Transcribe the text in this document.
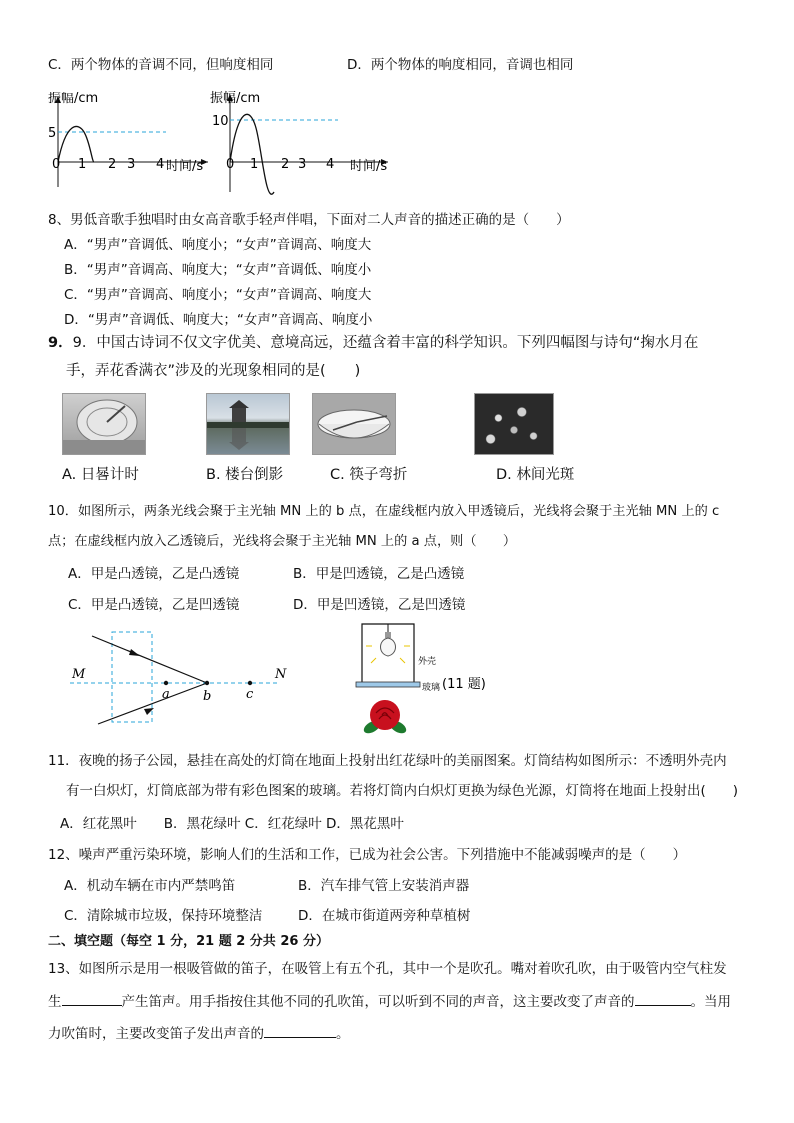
C．两个物体的音调不同，但响度相同	D．两个物体的响度相同，音调也相同
振幅/cm
5
时间/s
0 1 2 3 4
振幅/cm
10
时间/s
0 1 2 3 4
8、男低音歌手独唱时由女高音歌手轻声伴唱，下面对二人声音的描述正确的是（　　）
A．“男声”音调低、响度小；“女声”音调高、响度大
B．“男声”音调高、响度大；“女声”音调低、响度小
C．“男声”音调高、响度小；“女声”音调高、响度大
D．“男声”音调低、响度大；“女声”音调高、响度小
9．9．中国古诗词不仅文字优美、意境高远，还蕴含着丰富的科学知识。下列四幅图与诗句“掬水月在
手，弄花香满衣”涉及的光现象相同的是(　　)
A. 日晷计时	B. 楼台倒影	C. 筷子弯折	D. 林间光斑
10．如图所示，两条光线会聚于主光轴 MN 上的 b 点，在虚线框内放入甲透镜后，光线将会聚于主光轴 MN 上的 c
点；在虚线框内放入乙透镜后，光线将会聚于主光轴 MN 上的 a 点，则（　　）
A．甲是凸透镜，乙是凸透镜	B．甲是凹透镜，乙是凸透镜
C．甲是凸透镜，乙是凹透镜	D．甲是凹透镜，乙是凹透镜
M	N
a	b	c
外壳
玻璃 (11 题)
11．夜晚的扬子公园，悬挂在高处的灯筒在地面上投射出红花绿叶的美丽图案。灯筒结构如图所示：不透明外壳内
有一白炽灯，灯筒底部为带有彩色图案的玻璃。若将灯筒内白炽灯更换为绿色光源，灯筒将在地面上投射出(　　)
A．红花黑叶　　B．黑花绿叶 C．红花绿叶 D．黑花黑叶
12、噪声严重污染环境，影响人们的生活和工作，已成为社会公害。下列措施中不能减弱噪声的是（　　）
A．机动车辆在市内严禁鸣笛	B．汽车排气管上安装消声器
C．清除城市垃圾，保持环境整洁	D．在城市街道两旁种草植树
二、填空题（每空 1 分，21 题 2 分共 26 分）
13、如图所示是用一根吸管做的笛子，在吸管上有五个孔，其中一个是吹孔。嘴对着吹孔吹，由于吸管内空气柱发
生	产生笛声。用手指按住其他不同的孔吹笛，可以听到不同的声音，这主要改变了声音的	。当用
力吹笛时，主要改变笛子发出声音的	。
